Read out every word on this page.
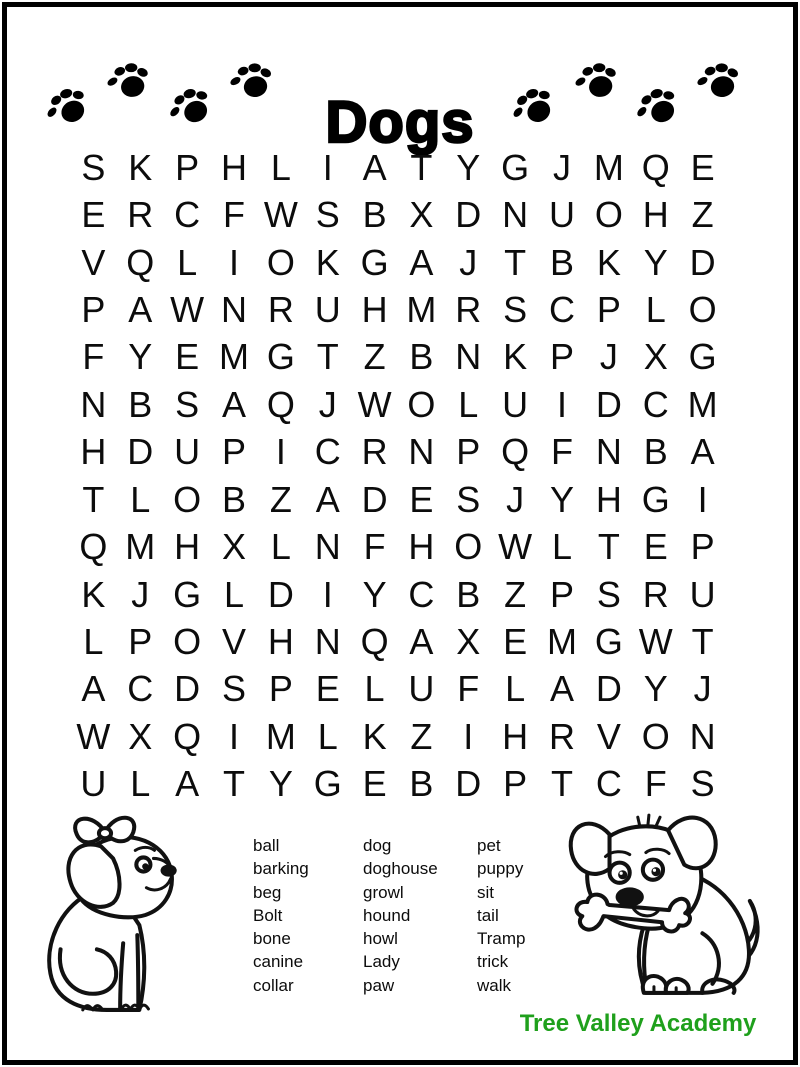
Dogs
S K P H L I A T Y G J M Q E
E R C F W S B X D N U O H Z
V Q L I O K G A J T B K Y D
P A W N R U H M R S C P L O
F Y E M G T Z B N K P J X G
N B S A Q J W O L U I D C M
H D U P I C R N P Q F N B A
T L O B Z A D E S J Y H G I
Q M H X L N F H O W L T E P
K J G L D I Y C B Z P S R U
L P O V H N Q A X E M G W T
A C D S P E L U F L A D Y J
W X Q I M L K Z I H R V O N
U L A T Y G E B D P T C F S
ball
barking
beg
Bolt
bone
canine
collar
dog
doghouse
growl
hound
howl
Lady
paw
pet
puppy
sit
tail
Tramp
trick
walk
Tree Valley Academy
